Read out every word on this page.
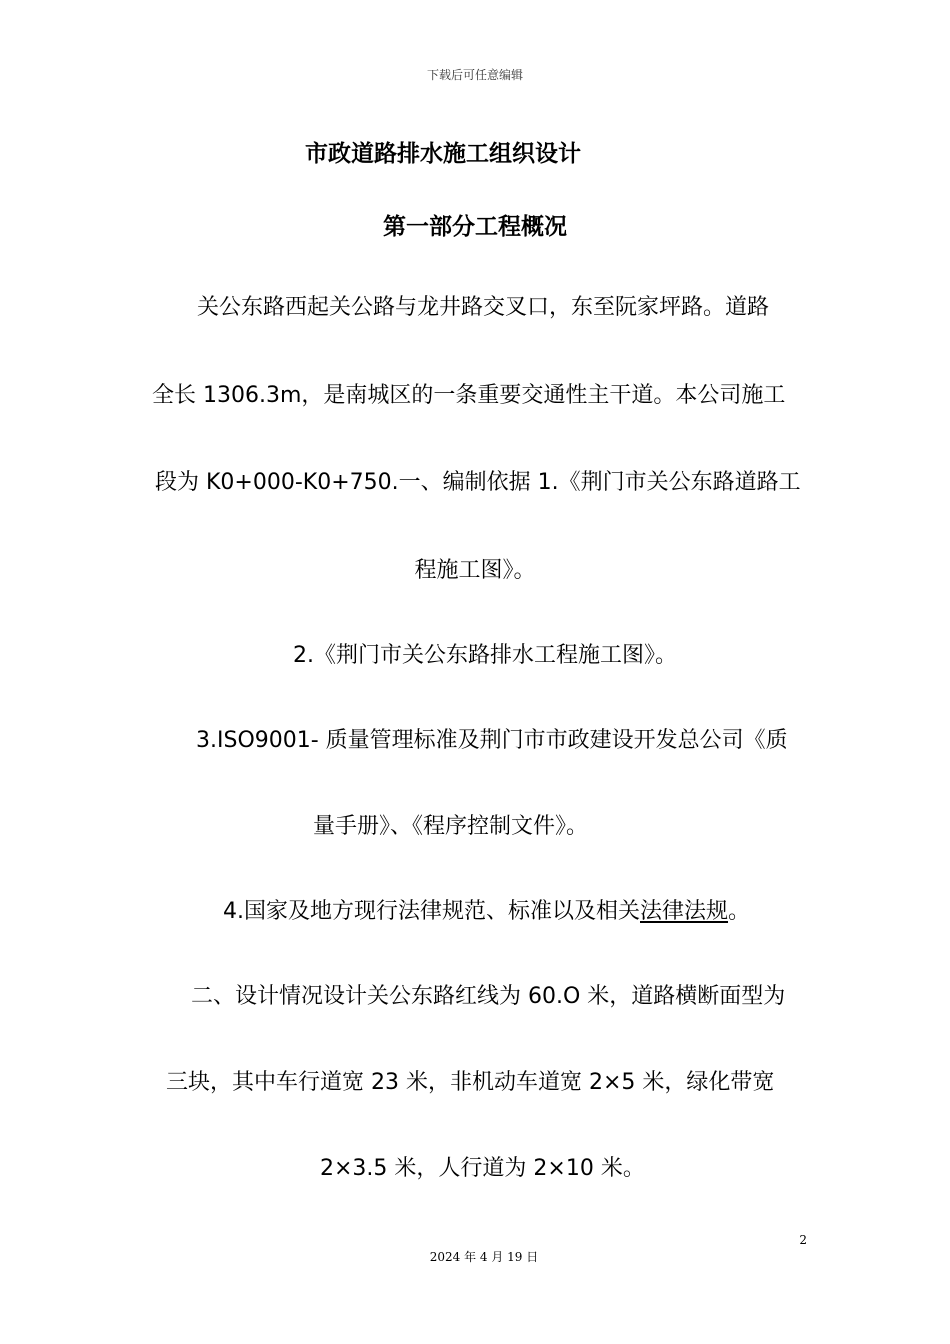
下载后可任意编辑
市政道路排水施工组织设计
第一部分工程概况
关公东路西起关公路与龙井路交叉口，东至阮家坪路。道路
全长 1306.3m，是南城区的一条重要交通性主干道。本公司施工
段为 K0+000-K0+750.一、编制依据 1.《荆门市关公东路道路工
程施工图》。
2.《荆门市关公东路排水工程施工图》。
3.ISO9001- 质量管理标准及荆门市市政建设开发总公司《质
量手册》、《程序控制文件》。
4.国家及地方现行法律规范、标准以及相关法律法规。
二、设计情况设计关公东路红线为 60.O 米，道路横断面型为
三块，其中车行道宽 23 米，非机动车道宽 2×5 米，绿化带宽
2×3.5 米，人行道为 2×10 米。
2
2024 年 4 月 19 日
